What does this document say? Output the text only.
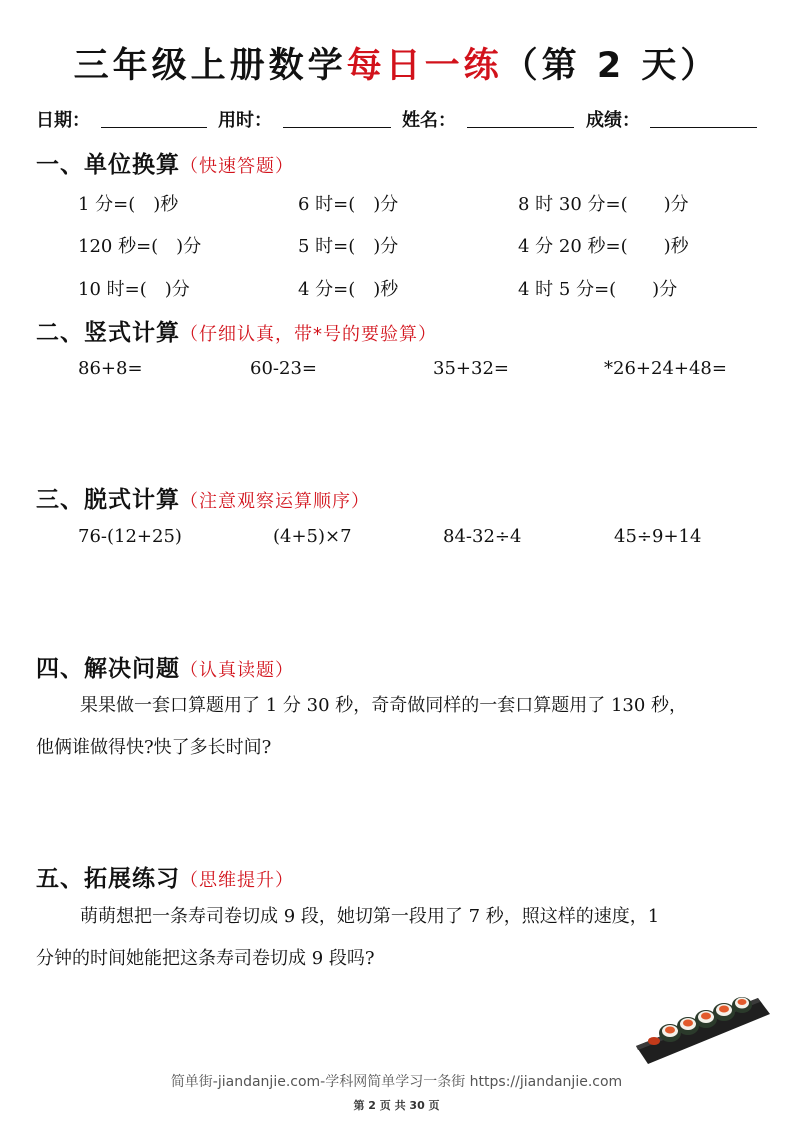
三年级上册数学每日一练（第 2 天）
日期：	用时：	姓名：	成绩：
一、单位换算（快速答题）
1 分=(　)秒	6 时=(　)分	8 时 30 分=(　　)分
120 秒=(　)分	5 时=(　)分	4 分 20 秒=(　　)秒
10 时=(　)分	4 分=(　)秒	4 时 5 分=(　　)分
二、竖式计算（仔细认真，带*号的要验算）
86+8=	60-23=	35+32=	*26+24+48=
三、脱式计算（注意观察运算顺序）
76-(12+25)	(4+5)×7	84-32÷4	45÷9+14
四、解决问题（认真读题）
果果做一套口算题用了 1 分 30 秒，奇奇做同样的一套口算题用了 130 秒，
他俩谁做得快?快了多长时间?
五、拓展练习（思维提升）
萌萌想把一条寿司卷切成 9 段，她切第一段用了 7 秒，照这样的速度，1
分钟的时间她能把这条寿司卷切成 9 段吗?
简单街-jiandanjie.com-学科网简单学习一条街 https://jiandanjie.com
第 2 页 共 30 页
